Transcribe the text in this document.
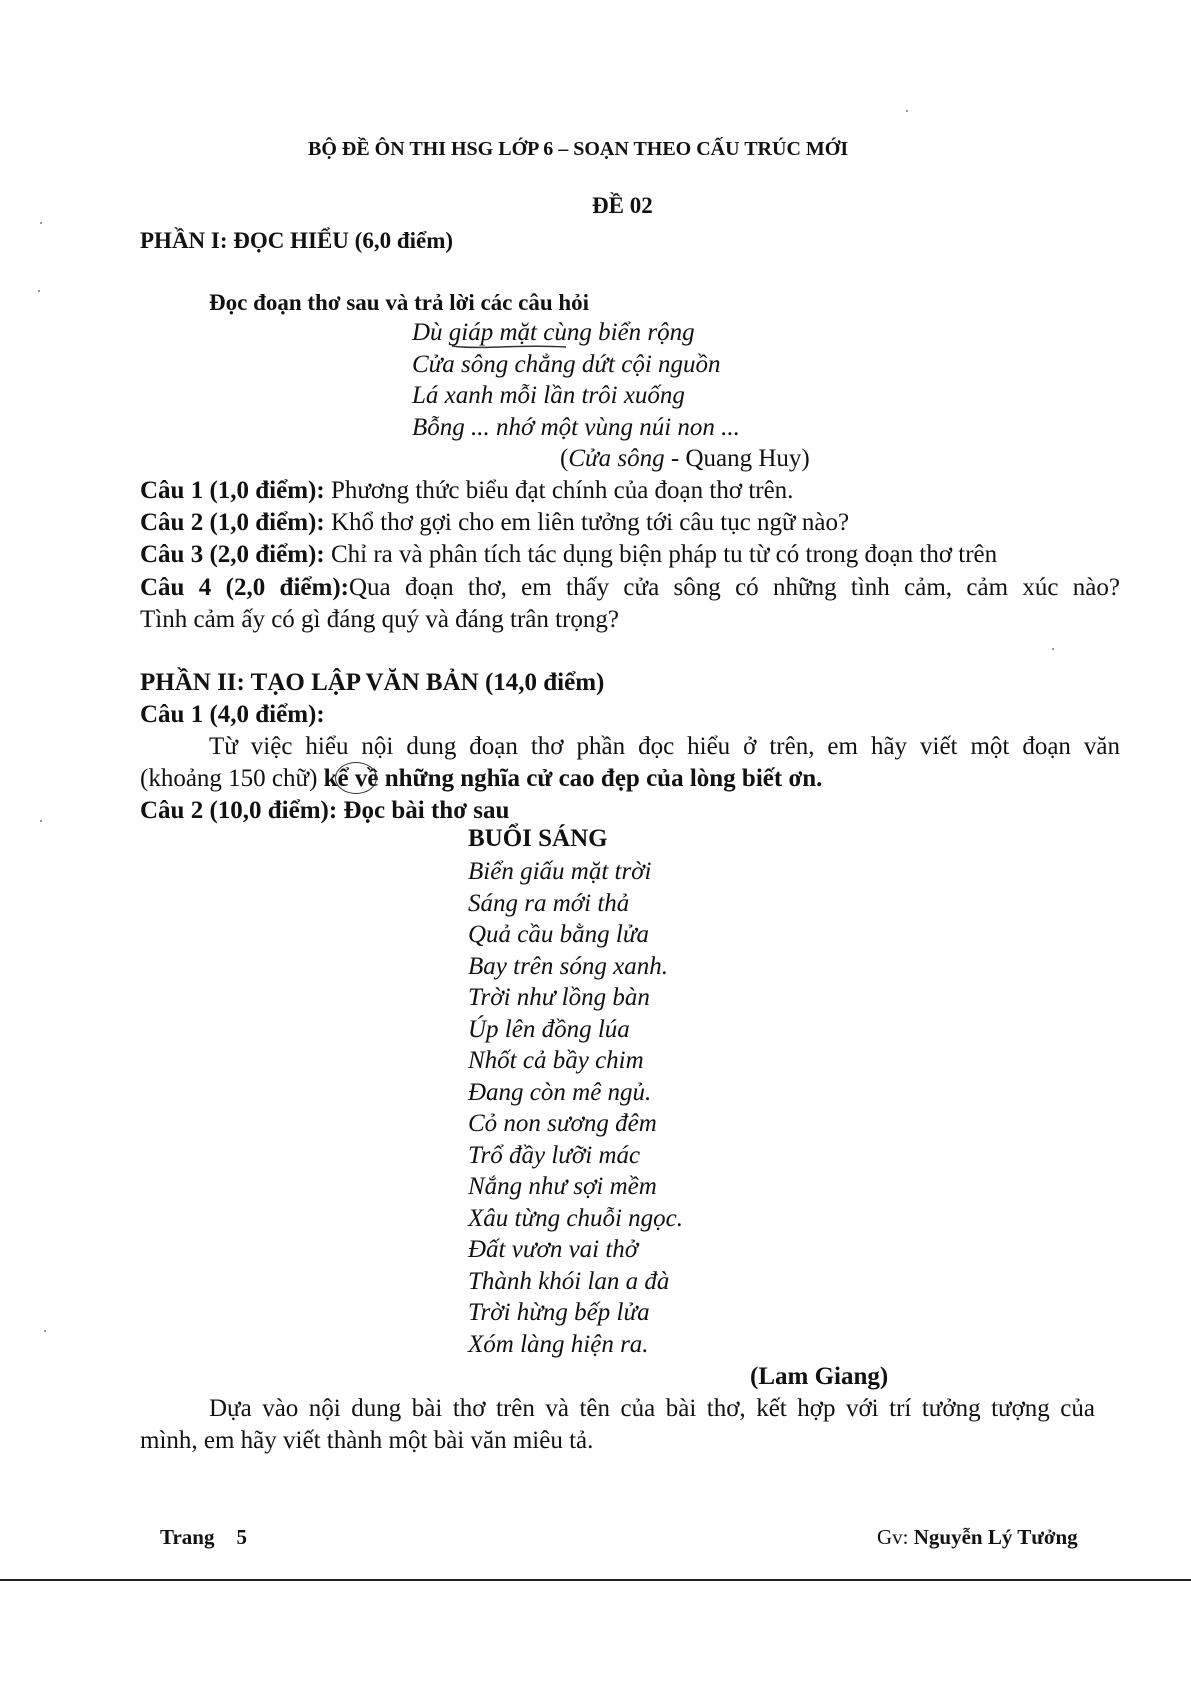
BỘ ĐỀ ÔN THI HSG LỚP 6 – SOẠN THEO CẤU TRÚC MỚI
ĐỀ 02
PHẦN I: ĐỌC HIỂU (6,0 điểm)
Đọc đoạn thơ sau và trả lời các câu hỏi
Dù giáp mặt cùng biển rộng
Cửa sông chẳng dứt cội nguồn
Lá xanh mỗi lần trôi xuống
Bỗng ... nhớ một vùng núi non ...
(Cửa sông - Quang Huy)
Câu 1 (1,0 điểm): Phương thức biểu đạt chính của đoạn thơ trên.
Câu 2 (1,0 điểm): Khổ thơ gợi cho em liên tưởng tới câu tục ngữ nào?
Câu 3 (2,0 điểm): Chỉ ra và phân tích tác dụng biện pháp tu từ có trong đoạn thơ trên
Câu 4 (2,0 điểm):Qua đoạn thơ, em thấy cửa sông có những tình cảm, cảm xúc nào?
Tình cảm ấy có gì đáng quý và đáng trân trọng?
PHẦN II: TẠO LẬP VĂN BẢN (14,0 điểm)
Câu 1 (4,0 điểm):
Từ việc hiểu nội dung đoạn thơ phần đọc hiểu ở trên, em hãy viết một đoạn văn
(khoảng 150 chữ) kể về những nghĩa cử cao đẹp của lòng biết ơn.
Câu 2 (10,0 điểm): Đọc bài thơ sau
BUỔI SÁNG
Biển giấu mặt trời
Sáng ra mới thả
Quả cầu bằng lửa
Bay trên sóng xanh.
Trời như lồng bàn
Úp lên đồng lúa
Nhốt cả bầy chim
Đang còn mê ngủ.
Cỏ non sương đêm
Trổ đầy lưỡi mác
Nắng như sợi mềm
Xâu từng chuỗi ngọc.
Đất vươn vai thở
Thành khói lan a đà
Trời hừng bếp lửa
Xóm làng hiện ra.
(Lam Giang)
Dựa vào nội dung bài thơ trên và tên của bài thơ, kết hợp với trí tưởng tượng của
mình, em hãy viết thành một bài văn miêu tả.
Trang 5	Gv: Nguyễn Lý Tưởng
